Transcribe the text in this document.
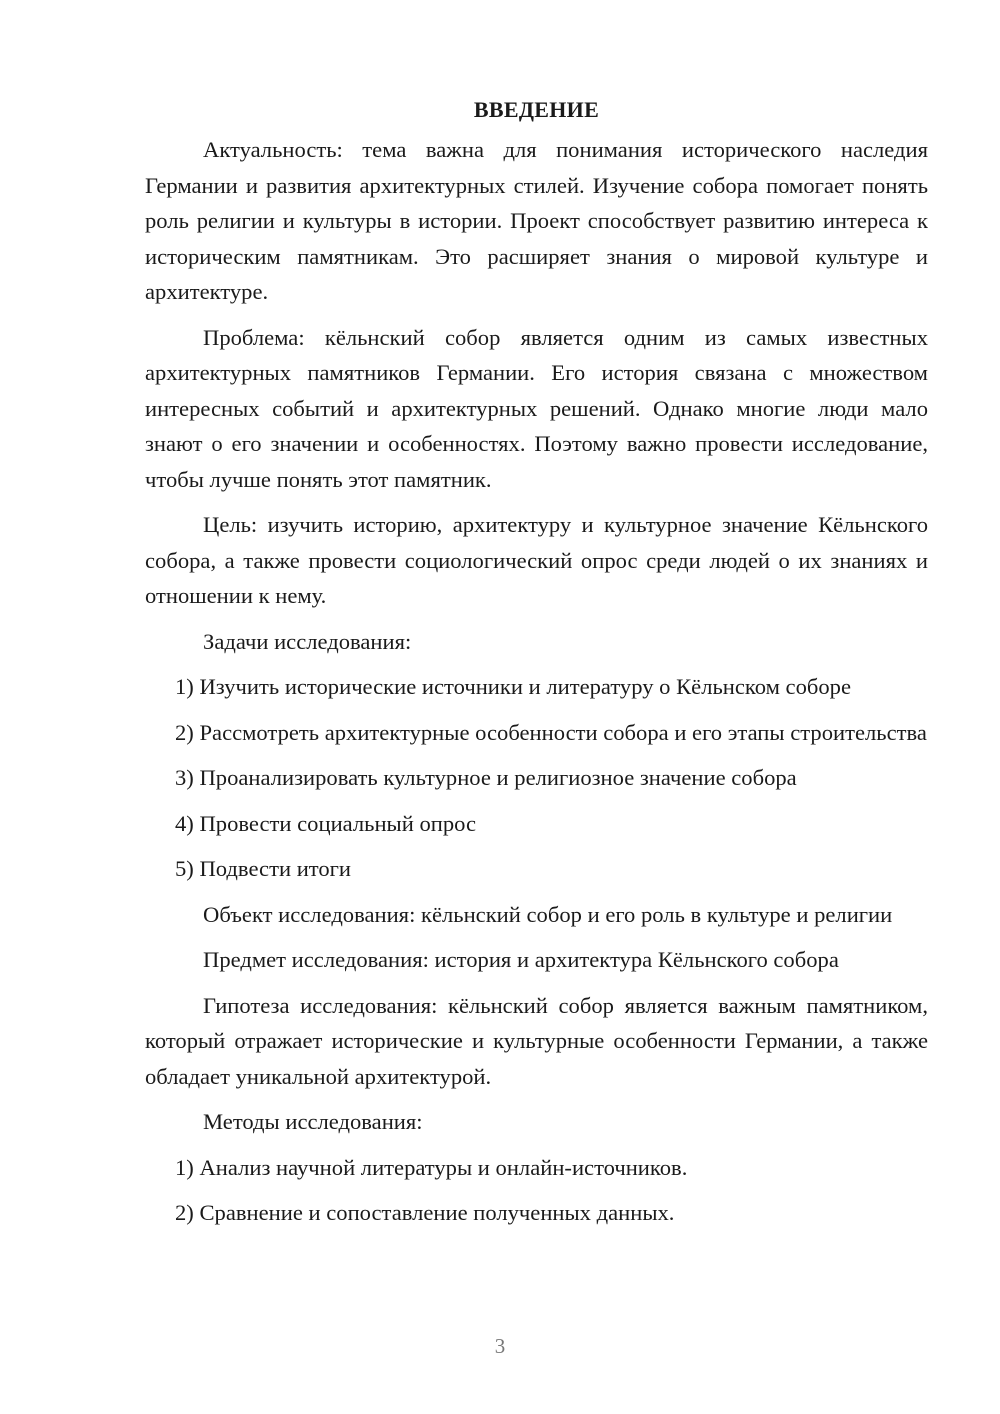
ВВЕДЕНИЕ

Актуальность: тема важна для понимания исторического наследия Германии и развития архитектурных стилей. Изучение собора помогает понять роль религии и культуры в истории. Проект способствует развитию интереса к историческим памятникам. Это расширяет знания о мировой культуре и архитектуре.

Проблема: кёльнский собор является одним из самых известных архитектурных памятников Германии. Его история связана с множеством интересных событий и архитектурных решений. Однако многие люди мало знают о его значении и особенностях. Поэтому важно провести исследование, чтобы лучше понять этот памятник.

Цель: изучить историю, архитектуру и культурное значение Кёльнского собора, а также провести социологический опрос среди людей о их знаниях и отношении к нему.

Задачи исследования:

1) Изучить исторические источники и литературу о Кёльнском соборе

2) Рассмотреть архитектурные особенности собора и его этапы строительства

3) Проанализировать культурное и религиозное значение собора

4) Провести социальный опрос

5) Подвести итоги

Объект исследования: кёльнский собор и его роль в культуре и религии

Предмет исследования: история и архитектура Кёльнского собора

Гипотеза исследования: кёльнский собор является важным памятником, который отражает исторические и культурные особенности Германии, а также обладает уникальной архитектурой.

Методы исследования:

1) Анализ научной литературы и онлайн-источников.

2) Сравнение и сопоставление полученных данных.

3
